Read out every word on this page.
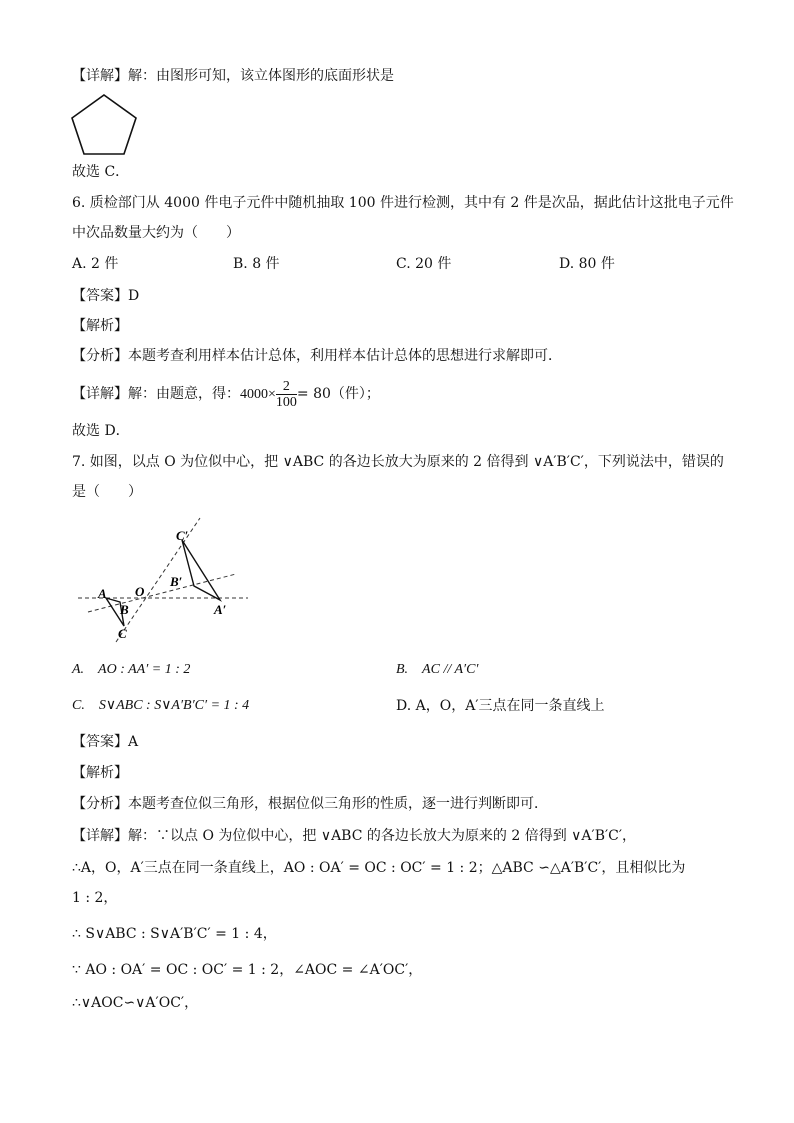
【详解】解：由图形可知，该立体图形的底面形状是
故选 C．
6. 质检部门从 4000 件电子元件中随机抽取 100 件进行检测，其中有 2 件是次品，据此估计这批电子元件
中次品数量大约为（　　）
A. 2 件	B. 8 件	C. 20 件	D. 80 件
【答案】D
【解析】
【分析】本题考查利用样本估计总体，利用样本估计总体的思想进行求解即可．
【详解】解：由题意，得：$4000\times \frac{2}{100} = 80$（件）；
故选 D．
7. 如图，以点 O 为位似中心，把 ∨ABC 的各边长放大为原来的 2 倍得到 ∨A′B′C′，下列说法中，错误的
是（　　）
A
B
C
O
A′
B′
C′
A.　AO : AA′ = 1 : 2	B.　AC // A′C′
C.　S∨ABC : S∨A′B′C′ = 1 : 4	D. A，O，A′三点在同一条直线上
【答案】A
【解析】
【分析】本题考查位似三角形，根据位似三角形的性质，逐一进行判断即可．
【详解】解：∵以点 O 为位似中心，把 ∨ABC 的各边长放大为原来的 2 倍得到 ∨A′B′C′，
∴A，O，A′三点在同一条直线上，AO : OA′ = OC : OC′ = 1 : 2；△ABC ∽△A′B′C′，且相似比为
1 : 2，
∴ S∨ABC : S∨A′B′C′ = 1 : 4，
∵ AO : OA′ = OC : OC′ = 1 : 2，∠AOC = ∠A′OC′，
∴∨AOC∽∨A′OC′，
